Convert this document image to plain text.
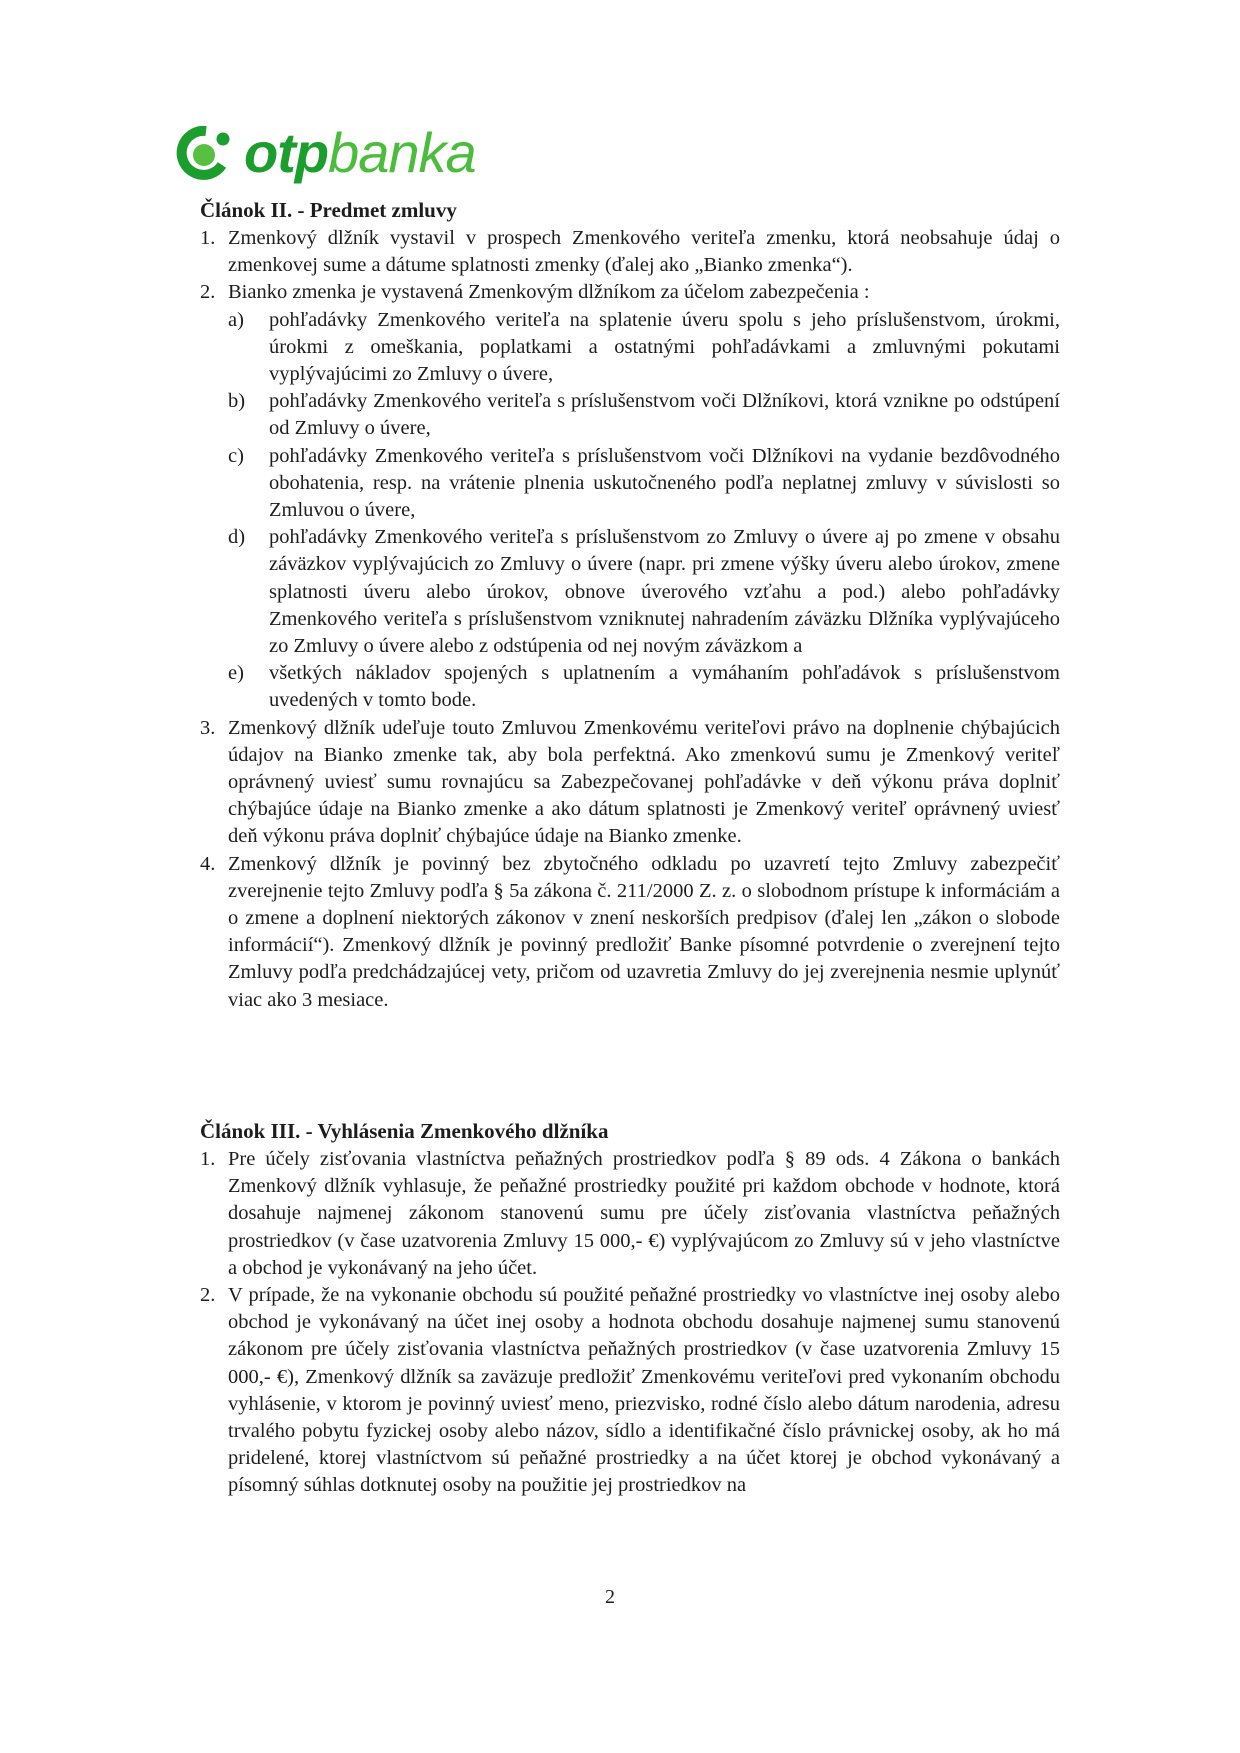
otpbanka
Článok II. - Predmet zmluvy
1. Zmenkový dlžník vystavil v prospech Zmenkového veriteľa zmenku, ktorá neobsahuje údaj o zmenkovej sume a dátume splatnosti zmenky (ďalej ako „Bianko zmenka“).
2. Bianko zmenka je vystavená Zmenkovým dlžníkom za účelom zabezpečenia :
a) pohľadávky Zmenkového veriteľa na splatenie úveru spolu s jeho príslušenstvom, úrokmi, úrokmi z omeškania, poplatkami a ostatnými pohľadávkami a zmluvnými pokutami vyplývajúcimi zo Zmluvy o úvere,
b) pohľadávky Zmenkového veriteľa s príslušenstvom voči Dlžníkovi, ktorá vznikne po odstúpení od Zmluvy o úvere,
c) pohľadávky Zmenkového veriteľa s príslušenstvom voči Dlžníkovi na vydanie bezdôvodného obohatenia, resp. na vrátenie plnenia uskutočneného podľa neplatnej zmluvy v súvislosti so Zmluvou o úvere,
d) pohľadávky Zmenkového veriteľa s príslušenstvom zo Zmluvy o úvere aj po zmene v obsahu záväzkov vyplývajúcich zo Zmluvy o úvere (napr. pri zmene výšky úveru alebo úrokov, zmene splatnosti úveru alebo úrokov, obnove úverového vzťahu a pod.) alebo pohľadávky Zmenkového veriteľa s príslušenstvom vzniknutej nahradením záväzku Dlžníka vyplývajúceho zo Zmluvy o úvere alebo z odstúpenia od nej novým záväzkom a
e) všetkých nákladov spojených s uplatnením a vymáhaním pohľadávok s príslušenstvom uvedených v tomto bode.
3. Zmenkový dlžník udeľuje touto Zmluvou Zmenkovému veriteľovi právo na doplnenie chýbajúcich údajov na Bianko zmenke tak, aby bola perfektná. Ako zmenkovú sumu je Zmenkový veriteľ oprávnený uviesť sumu rovnajúcu sa Zabezpečovanej pohľadávke v deň výkonu práva doplniť chýbajúce údaje na Bianko zmenke a ako dátum splatnosti je Zmenkový veriteľ oprávnený uviesť deň výkonu práva doplniť chýbajúce údaje na Bianko zmenke.
4. Zmenkový dlžník je povinný bez zbytočného odkladu po uzavretí tejto Zmluvy zabezpečiť zverejnenie tejto Zmluvy podľa § 5a zákona č. 211/2000 Z. z. o slobodnom prístupe k informáciám a o zmene a doplnení niektorých zákonov v znení neskorších predpisov (ďalej len „zákon o slobode informácií“). Zmenkový dlžník je povinný predložiť Banke písomné potvrdenie o zverejnení tejto Zmluvy podľa predchádzajúcej vety, pričom od uzavretia Zmluvy do jej zverejnenia nesmie uplynúť viac ako 3 mesiace.
Článok III. - Vyhlásenia Zmenkového dlžníka
1. Pre účely zisťovania vlastníctva peňažných prostriedkov podľa § 89 ods. 4 Zákona o bankách Zmenkový dlžník vyhlasuje, že peňažné prostriedky použité pri každom obchode v hodnote, ktorá dosahuje najmenej zákonom stanovenú sumu pre účely zisťovania vlastníctva peňažných prostriedkov (v čase uzatvorenia Zmluvy 15 000,- €) vyplývajúcom zo Zmluvy sú v jeho vlastníctve a obchod je vykonávaný na jeho účet.
2. V prípade, že na vykonanie obchodu sú použité peňažné prostriedky vo vlastníctve inej osoby alebo obchod je vykonávaný na účet inej osoby a hodnota obchodu dosahuje najmenej sumu stanovenú zákonom pre účely zisťovania vlastníctva peňažných prostriedkov (v čase uzatvorenia Zmluvy 15 000,- €), Zmenkový dlžník sa zaväzuje predložiť Zmenkovému veriteľovi pred vykonaním obchodu vyhlásenie, v ktorom je povinný uviesť meno, priezvisko, rodné číslo alebo dátum narodenia, adresu trvalého pobytu fyzickej osoby alebo názov, sídlo a identifikačné číslo právnickej osoby, ak ho má pridelené, ktorej vlastníctvom sú peňažné prostriedky a na účet ktorej je obchod vykonávaný a písomný súhlas dotknutej osoby na použitie jej prostriedkov na
2
